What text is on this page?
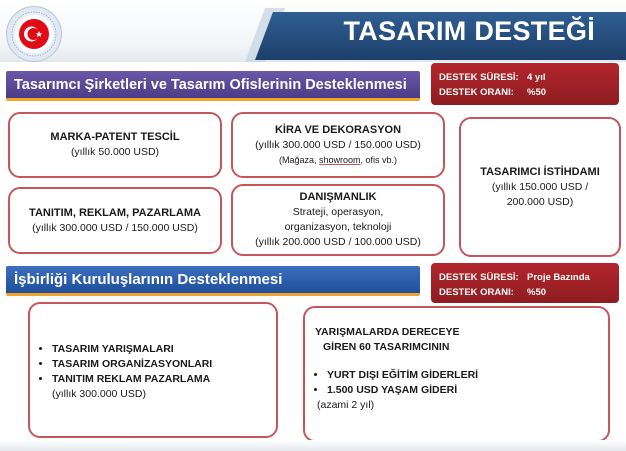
TASARIM DESTEĞİ
Tasarımcı Şirketleri ve Tasarım Ofislerinin Desteklenmesi	DESTEK SÜRESİ: 4 yıl
DESTEK ORANI:	%50
MARKA-PATENT TESCİL
(yıllık 50.000 USD)
KİRA VE DEKORASYON
(yıllık 300.000 USD / 150.000 USD)
(Mağaza, showroom, ofis vb.)
TASARIMCI İSTİHDAMI
(yıllık 150.000 USD /
200.000 USD)
TANITIM, REKLAM, PAZARLAMA
(yıllık 300.000 USD / 150.000 USD)
DANIŞMANLIK
Strateji, operasyon,
organizasyon, teknoloji
(yıllık 200.000 USD / 100.000 USD)
İşbirliği Kuruluşlarının Desteklenmesi	DESTEK SÜRESİ: Proje Bazında
DESTEK ORANI:	%50
• TASARIM YARIŞMALARI
• TASARIM ORGANİZASYONLARI
• TANITIM REKLAM PAZARLAMA
(yıllık 300.000 USD)
YARIŞMALARDA DERECEYE
GİREN 60 TASARIMCININ
• YURT DIŞI EĞİTİM GİDERLERİ
• 1.500 USD YAŞAM GİDERİ
(azami 2 yıl)
